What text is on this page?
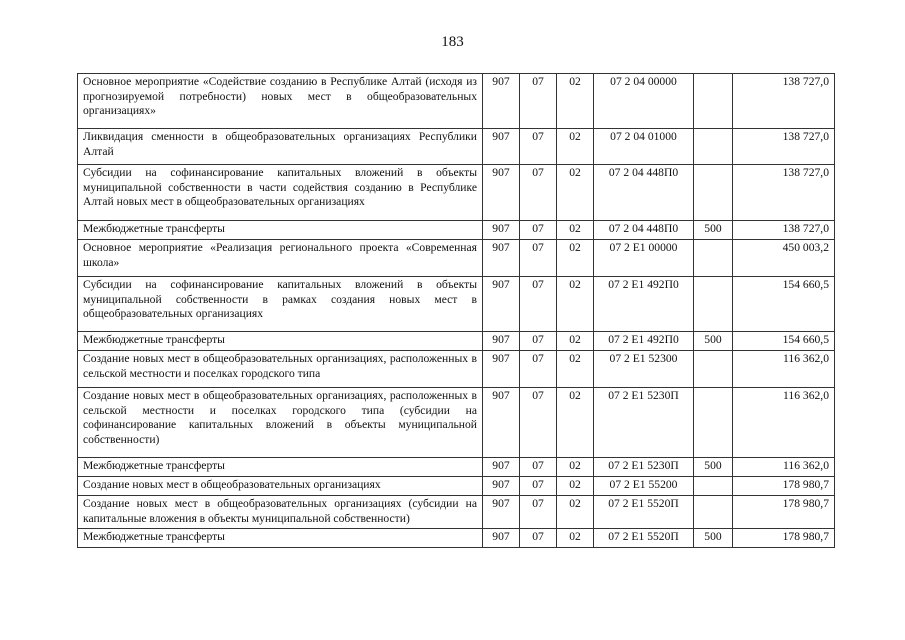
183
Основное мероприятие «Содействие созданию в Республике Алтай (исходя из прогнозируемой потребности) новых мест в общеобразовательных организациях»	907	07	02	07 2 04 00000		138 727,0
Ликвидация сменности в общеобразовательных организациях Республики Алтай	907	07	02	07 2 04 01000		138 727,0
Субсидии на софинансирование капитальных вложений в объекты муниципальной собственности в части содействия созданию в Республике Алтай новых мест в общеобразовательных организациях	907	07	02	07 2 04 448П0		138 727,0
Межбюджетные трансферты	907	07	02	07 2 04 448П0	500	138 727,0
Основное мероприятие «Реализация регионального проекта «Современная школа»	907	07	02	07 2 E1 00000		450 003,2
Субсидии на софинансирование капитальных вложений в объекты муниципальной собственности в рамках создания новых мест в общеобразовательных организациях	907	07	02	07 2 E1 492П0		154 660,5
Межбюджетные трансферты	907	07	02	07 2 E1 492П0	500	154 660,5
Создание новых мест в общеобразовательных организациях, расположенных в сельской местности и поселках городского типа	907	07	02	07 2 E1 52300		116 362,0
Создание новых мест в общеобразовательных организациях, расположенных в сельской местности и поселках городского типа (субсидии на софинансирование капитальных вложений в объекты муниципальной собственности)	907	07	02	07 2 E1 5230П		116 362,0
Межбюджетные трансферты	907	07	02	07 2 E1 5230П	500	116 362,0
Создание новых мест в общеобразовательных организациях	907	07	02	07 2 E1 55200		178 980,7
Создание новых мест в общеобразовательных организациях (субсидии на капитальные вложения в объекты муниципальной собственности)	907	07	02	07 2 E1 5520П		178 980,7
Межбюджетные трансферты	907	07	02	07 2 E1 5520П	500	178 980,7
